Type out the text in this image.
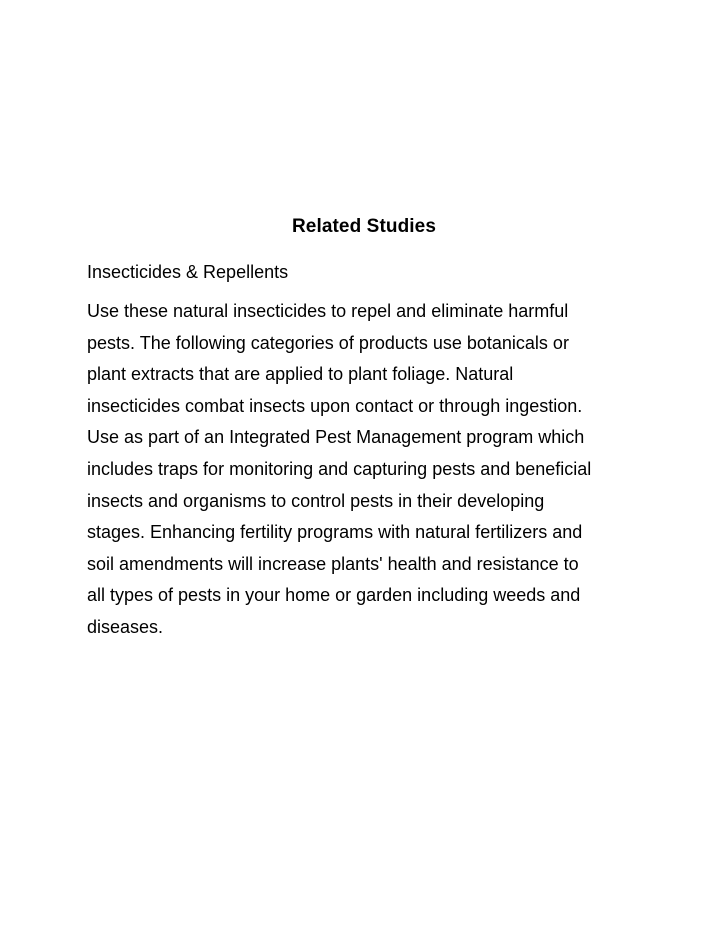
Related Studies
Insecticides & Repellents
Use these natural insecticides to repel and eliminate harmful
pests. The following categories of products use botanicals or
plant extracts that are applied to plant foliage. Natural
insecticides combat insects upon contact or through ingestion.
Use as part of an Integrated Pest Management program which
includes traps for monitoring and capturing pests and beneficial
insects and organisms to control pests in their developing
stages. Enhancing fertility programs with natural fertilizers and
soil amendments will increase plants' health and resistance to
all types of pests in your home or garden including weeds and
diseases.
